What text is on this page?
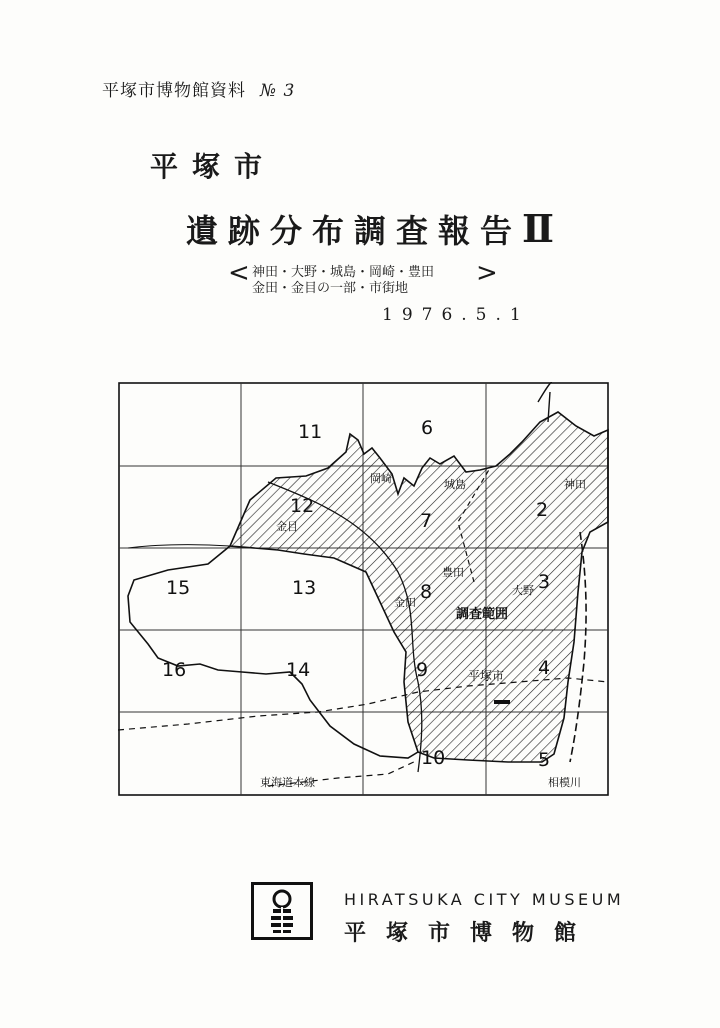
平塚市博物館資料 № 3
平塚市
遺跡分布調査報告Ⅱ
< 神田・大野・城島・岡崎・豊田
金田・金目の一部・市街地
>
1976.5.1
11	6
12	2
7
15	13	8	3
16	14	9	4
10	5
岡崎	城島	神田
金目
豊田
大野
金田
平塚市
調査範囲
東海道本線	相模川
HIRATSUKA CITY MUSEUM
平塚市博物館
